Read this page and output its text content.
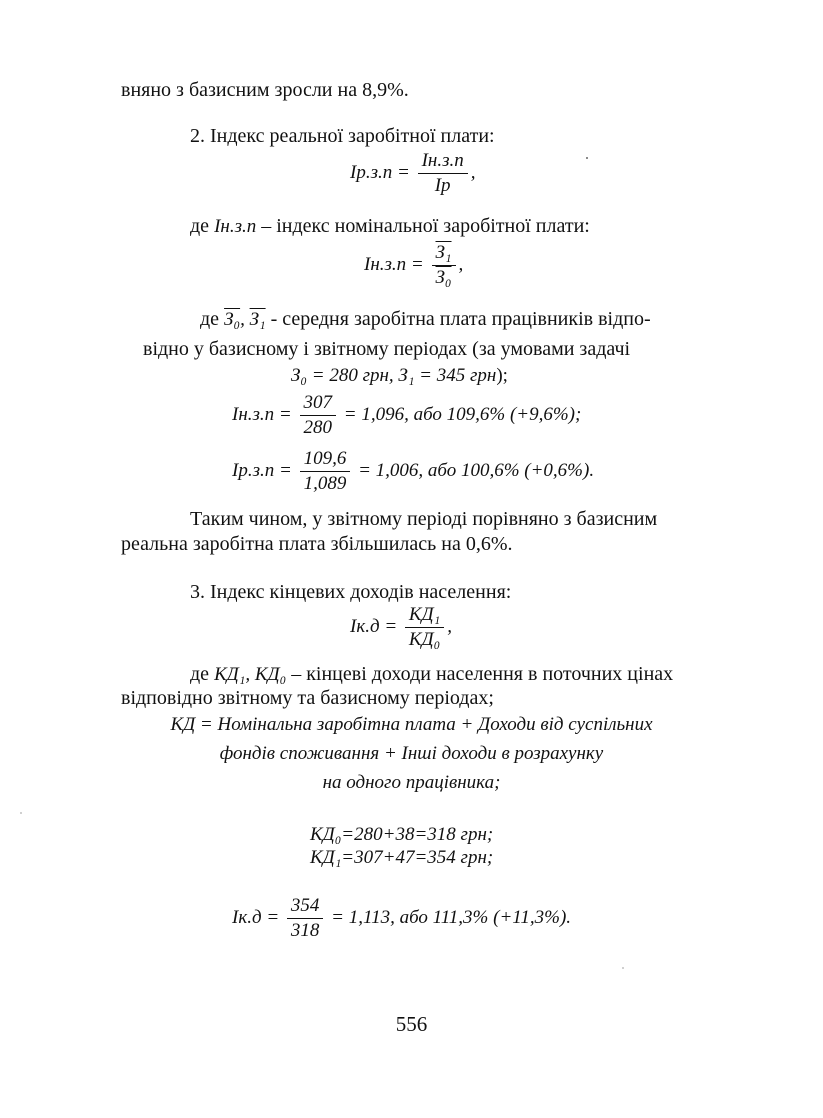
вняно з базисним зросли на 8,9%.
2. Індекс реальної заробітної плати:
$Ір.з.п = \frac{Iн.з.п}{Iр}$ ,
де Iн.з.п – індекс номінальної заробітної плати:
$Iн.з.п = \frac{\text{З₁}}{\text{З₀}}$ ,
де З₀, З₁ - середня заробітна плата працівників відпо-
відно у базисному і звітному періодах (за умовами задачі
З₀ = 280 грн, З₁ = 345 грн);
$Iн.з.п = \frac{307}{280} = 1,096$, або 109,6% (+9,6%);
$Iр.з.п = \frac{109,6}{1,089} = 1,006$, або 100,6% (+0,6%).
Таким чином, у звітному періоді порівняно з базисним
реальна заробітна плата збільшилась на 0,6%.
3. Індекс кінцевих доходів населення:
$Iк.д = \frac{\text{КД₁}}{\text{КД₀}}$ ,
де КД₁, КД₀ – кінцеві доходи населення в поточних цінах
відповідно звітному та базисному періодах;
КД = Номінальна заробітна плата + Доходи від суспільних
фондів споживання + Інші доходи в розрахунку
на одного працівника;
КД₀=280+38=318 грн;
КД₁=307+47=354 грн;
$Iк.д = \frac{354}{318} = 1,113$, або 111,3% (+11,3%).
556
